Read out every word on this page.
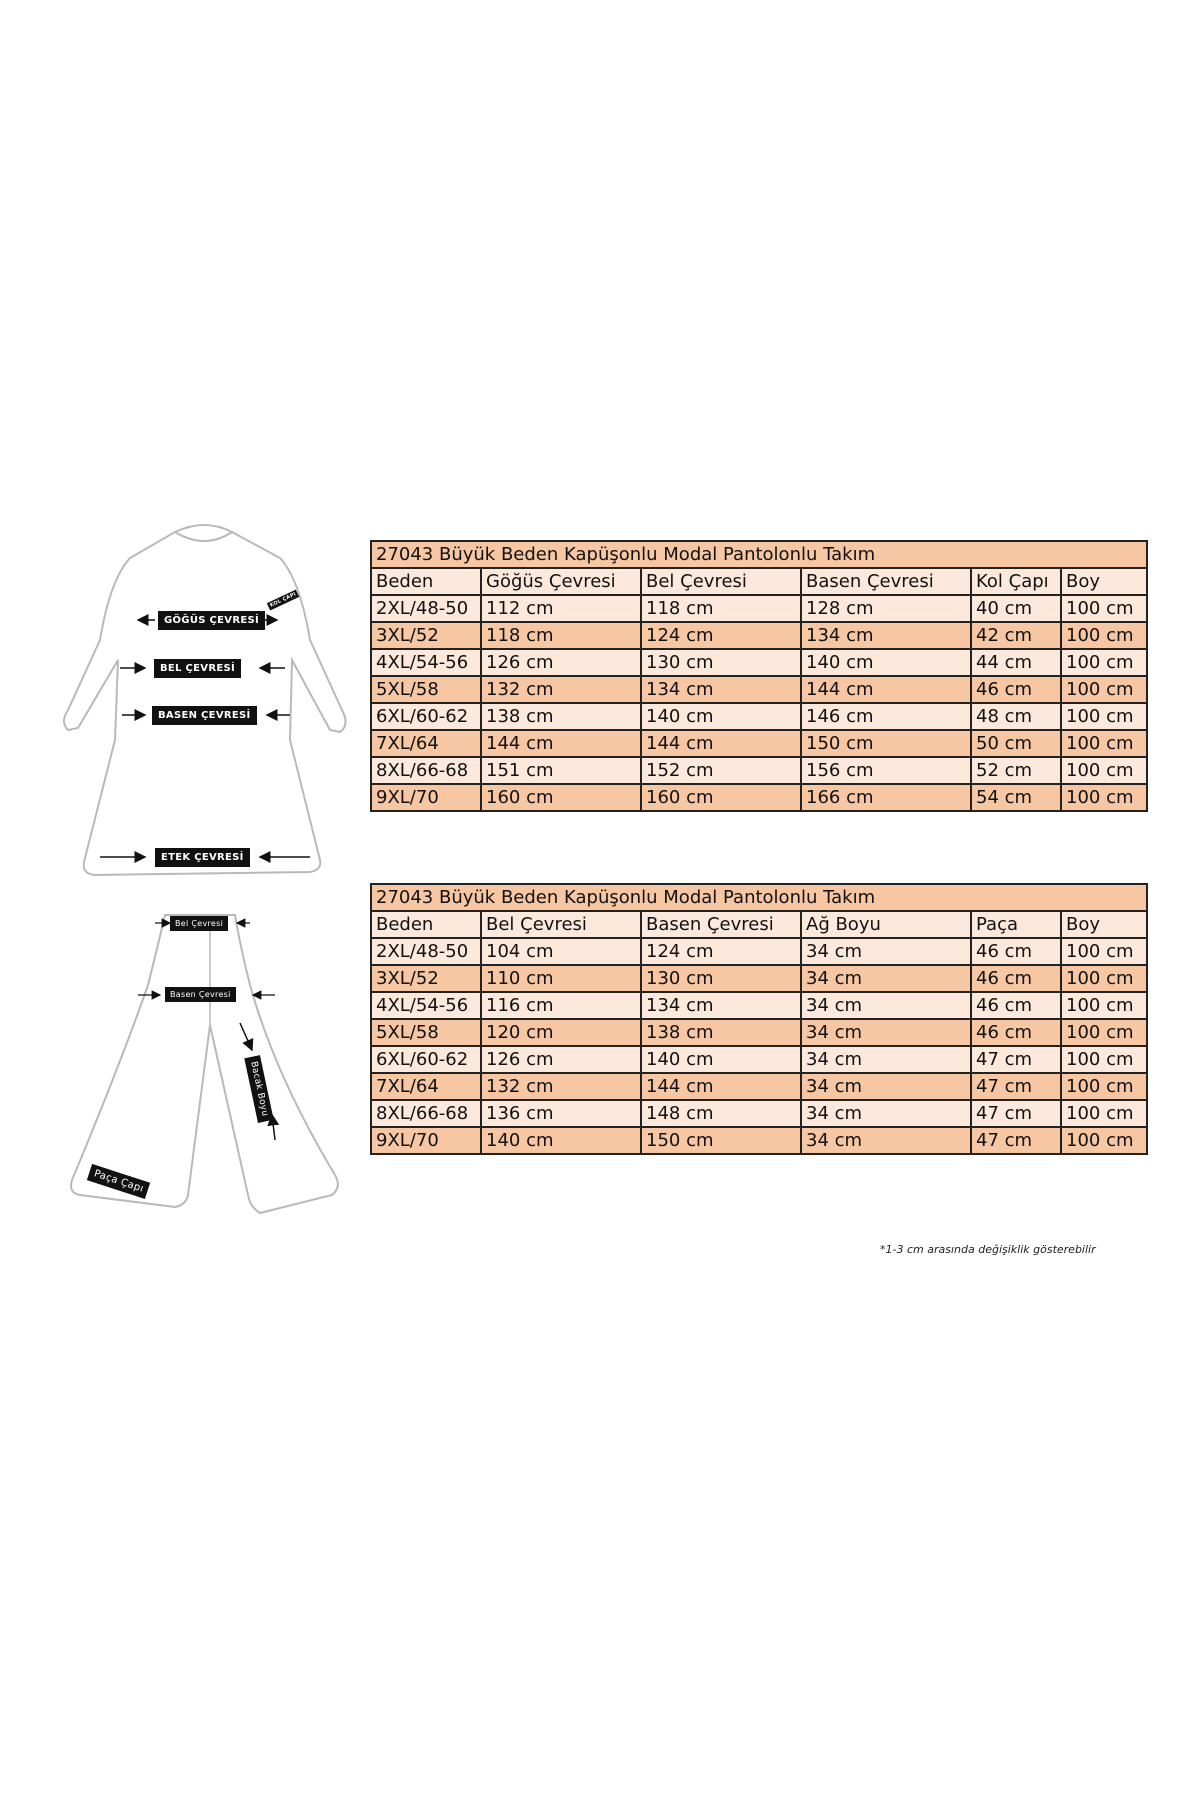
GÖĞÜS ÇEVRESİ
BEL ÇEVRESİ
BASEN ÇEVRESİ
ETEK ÇEVRESİ
KOL ÇAPI
Bel Çevresi
Basen Çevresi
Bacak Boyu
Paça Çapı
27043 Büyük Beden Kapüşonlu Modal Pantolonlu Takım					
Beden	Göğüs Çevresi	Bel Çevresi	Basen Çevresi	Kol Çapı	Boy
2XL/48-50	112 cm	118 cm	128 cm	40 cm	100 cm
3XL/52	118 cm	124 cm	134 cm	42 cm	100 cm
4XL/54-56	126 cm	130 cm	140 cm	44 cm	100 cm
5XL/58	132 cm	134 cm	144 cm	46 cm	100 cm
6XL/60-62	138 cm	140 cm	146 cm	48 cm	100 cm
7XL/64	144 cm	144 cm	150 cm	50 cm	100 cm
8XL/66-68	151 cm	152 cm	156 cm	52 cm	100 cm
9XL/70	160 cm	160 cm	166 cm	54 cm	100 cm
27043 Büyük Beden Kapüşonlu Modal Pantolonlu Takım					
Beden	Bel Çevresi	Basen Çevresi	Ağ Boyu	Paça	Boy
2XL/48-50	104 cm	124 cm	34 cm	46 cm	100 cm
3XL/52	110 cm	130 cm	34 cm	46 cm	100 cm
4XL/54-56	116 cm	134 cm	34 cm	46 cm	100 cm
5XL/58	120 cm	138 cm	34 cm	46 cm	100 cm
6XL/60-62	126 cm	140 cm	34 cm	47 cm	100 cm
7XL/64	132 cm	144 cm	34 cm	47 cm	100 cm
8XL/66-68	136 cm	148 cm	34 cm	47 cm	100 cm
9XL/70	140 cm	150 cm	34 cm	47 cm	100 cm
*1-3 cm arasında değişiklik gösterebilir
